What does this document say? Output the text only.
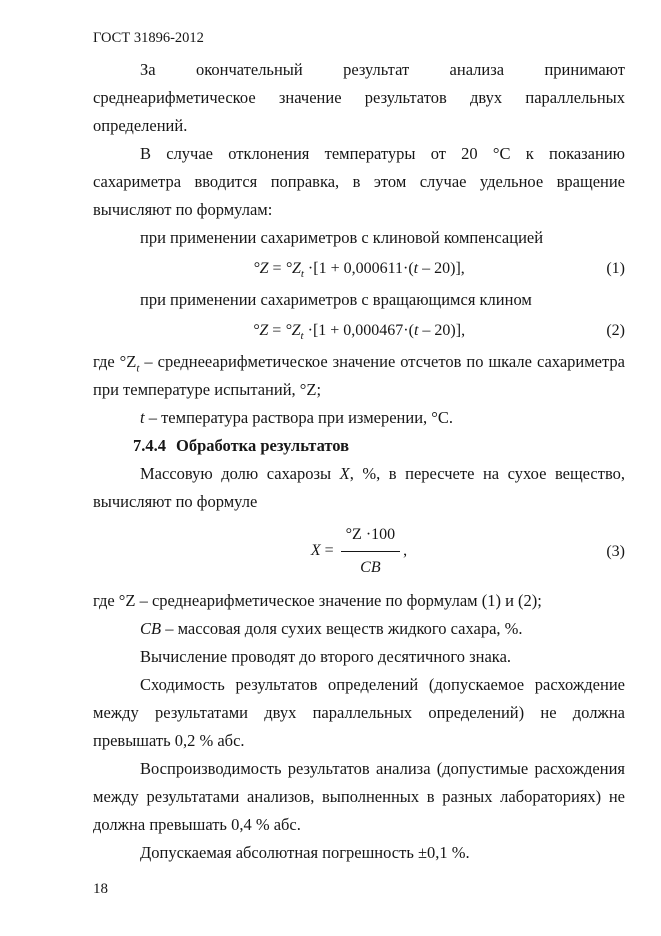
ГОСТ 31896-2012

За окончательный результат анализа принимают среднеарифметическое значение результатов двух параллельных определений.

В случае отклонения температуры от 20 °С к показанию сахариметра вводится поправка, в этом случае удельное вращение вычисляют по формулам:

при применении сахариметров с клиновой компенсацией

$^\circ Z = ^\circ Z_t \cdot[1 + 0,000611\cdot(t - 20)]$,	(1)

при применении сахариметров с вращающимся клином

$^\circ Z = ^\circ Z_t \cdot[1 + 0,000467\cdot(t - 20)]$,	(2)

где $^\circ Z_t$ – среднееарифметическое значение отсчетов по шкале сахариметра при температуре испытаний, °Z;

t – температура раствора при измерении, °С.

7.4.4 Обработка результатов

Массовую долю сахарозы X, %, в пересчете на сухое вещество, вычисляют по формуле

$X = \frac{^\circ Z \cdot 100}{СВ}$ ,	(3)

где °Z – среднеарифметическое значение по формулам (1) и (2);

СВ – массовая доля сухих веществ жидкого сахара, %.

Вычисление проводят до второго десятичного знака.

Сходимость результатов определений (допускаемое расхождение между результатами двух параллельных определений) не должна превышать 0,2 % абс.

Воспроизводимость результатов анализа (допустимые расхождения между результатами анализов, выполненных в разных лабораториях) не должна превышать 0,4 % абс.

Допускаемая абсолютная погрешность ±0,1 %.

18
